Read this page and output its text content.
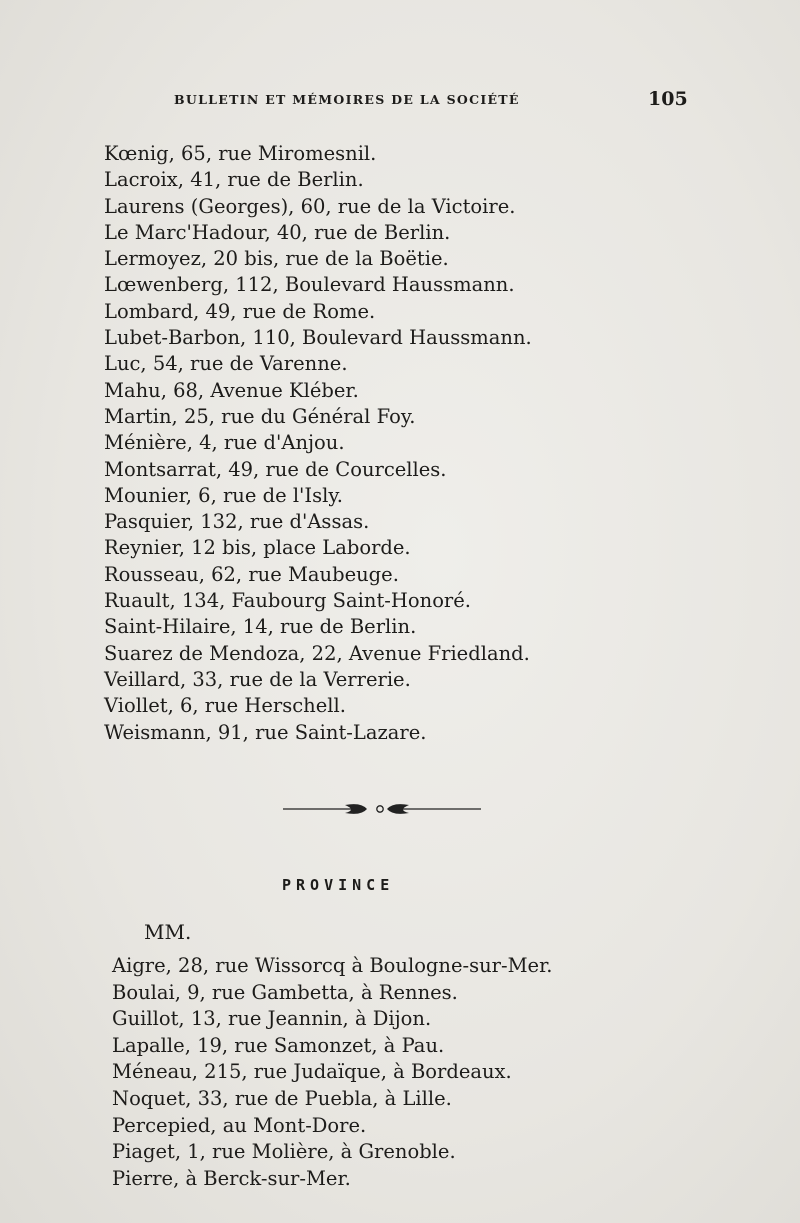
BULLETIN ET MÉMOIRES DE LA SOCIÉTÉ	105
Kœnig, 65, rue Miromesnil.
Lacroix, 41, rue de Berlin.
Laurens (Georges), 60, rue de la Victoire.
Le Marc'Hadour, 40, rue de Berlin.
Lermoyez, 20 bis, rue de la Boëtie.
Lœwenberg, 112, Boulevard Haussmann.
Lombard, 49, rue de Rome.
Lubet-Barbon, 110, Boulevard Haussmann.
Luc, 54, rue de Varenne.
Mahu, 68, Avenue Kléber.
Martin, 25, rue du Général Foy.
Ménière, 4, rue d'Anjou.
Montsarrat, 49, rue de Courcelles.
Mounier, 6, rue de l'Isly.
Pasquier, 132, rue d'Assas.
Reynier, 12 bis, place Laborde.
Rousseau, 62, rue Maubeuge.
Ruault, 134, Faubourg Saint-Honoré.
Saint-Hilaire, 14, rue de Berlin.
Suarez de Mendoza, 22, Avenue Friedland.
Veillard, 33, rue de la Verrerie.
Viollet, 6, rue Herschell.
Weismann, 91, rue Saint-Lazare.
PROVINCE
MM.
Aigre, 28, rue Wissorcq à Boulogne-sur-Mer.
Boulai, 9, rue Gambetta, à Rennes.
Guillot, 13, rue Jeannin, à Dijon.
Lapalle, 19, rue Samonzet, à Pau.
Méneau, 215, rue Judaïque, à Bordeaux.
Noquet, 33, rue de Puebla, à Lille.
Percepied, au Mont-Dore.
Piaget, 1, rue Molière, à Grenoble.
Pierre, à Berck-sur-Mer.
